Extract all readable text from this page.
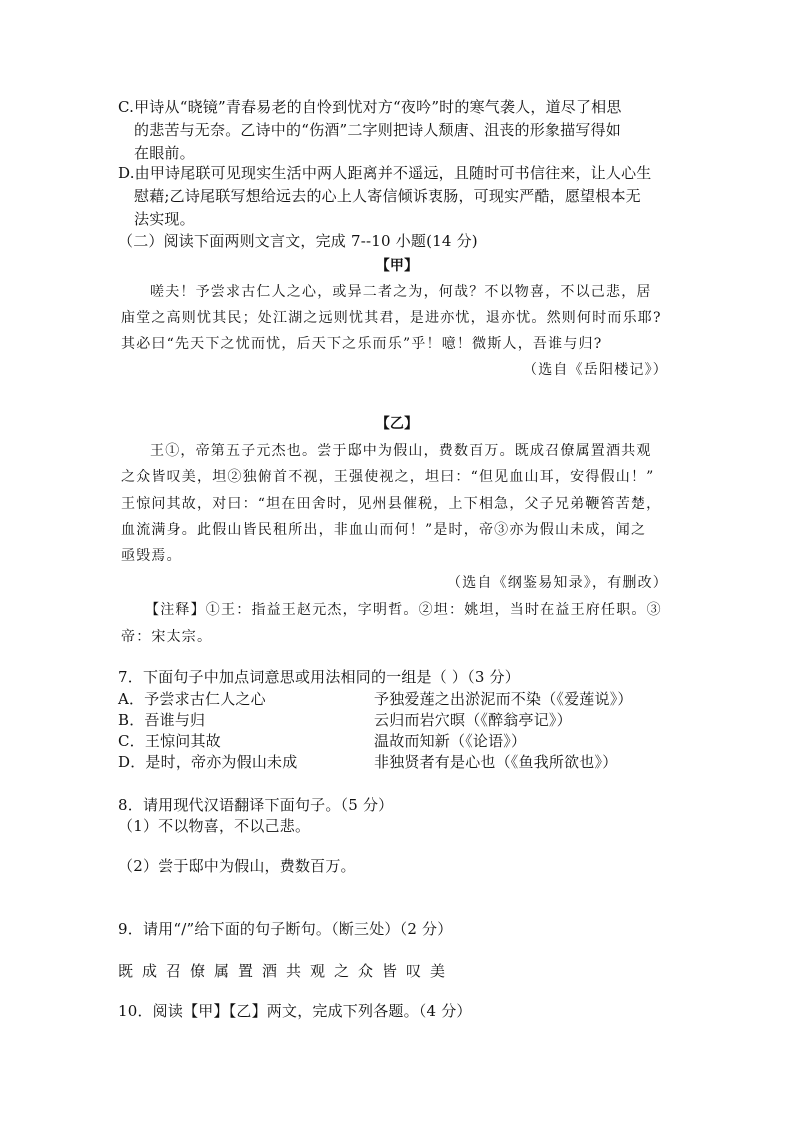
C.甲诗从“晓镜”青春易老的自怜到忧对方“夜吟”时的寒气袭人，道尽了相思
的悲苦与无奈。乙诗中的“伤酒”二字则把诗人颓唐、沮丧的形象描写得如
在眼前。
D.由甲诗尾联可见现实生活中两人距离并不遥远，且随时可书信往来，让人心生
慰藉;乙诗尾联写想给远去的心上人寄信倾诉衷肠，可现实严酷，愿望根本无
法实现。
（二）阅读下面两则文言文，完成 7--10 小题(14 分)
【甲】
嗟夫！予尝求古仁人之心，或异二者之为，何哉？不以物喜，不以己悲，居
庙堂之高则忧其民；处江湖之远则忧其君，是进亦忧，退亦忧。然则何时而乐耶?
其必曰“先天下之忧而忧，后天下之乐而乐”乎！噫！微斯人，吾谁与归?
（选自《岳阳楼记》）
【乙】
王①，帝第五子元杰也。尝于邸中为假山，费数百万。既成召僚属置酒共观
之众皆叹美，坦②独俯首不视，王强使视之，坦曰：“但见血山耳，安得假山！”
王惊问其故，对曰：“坦在田舍时，见州县催税，上下相急，父子兄弟鞭笞苦楚，
血流满身。此假山皆民租所出，非血山而何！”是时，帝③亦为假山未成，闻之
亟毁焉。
（选自《纲鉴易知录》，有删改）
【注释】①王：指益王赵元杰，字明哲。②坦：姚坦，当时在益王府任职。③
帝：宋太宗。
7．下面句子中加点词意思或用法相同的一组是（ ）（3 分）
A．予尝求古仁人之心	予独爱莲之出淤泥而不染（《爱莲说》）
B．吾谁与归	云归而岩穴暝（《醉翁亭记》）
C．王惊问其故	温故而知新（《论语》）
D．是时，帝亦为假山未成	非独贤者有是心也（《鱼我所欲也》）
8．请用现代汉语翻译下面句子。（5 分）
（1）不以物喜，不以己悲。
（2）尝于邸中为假山，费数百万。
9．请用“/”给下面的句子断句。（断三处）（2 分）
既成召僚属置酒共观之众皆叹美
10．阅读【甲】【乙】两文，完成下列各题。（4 分）
